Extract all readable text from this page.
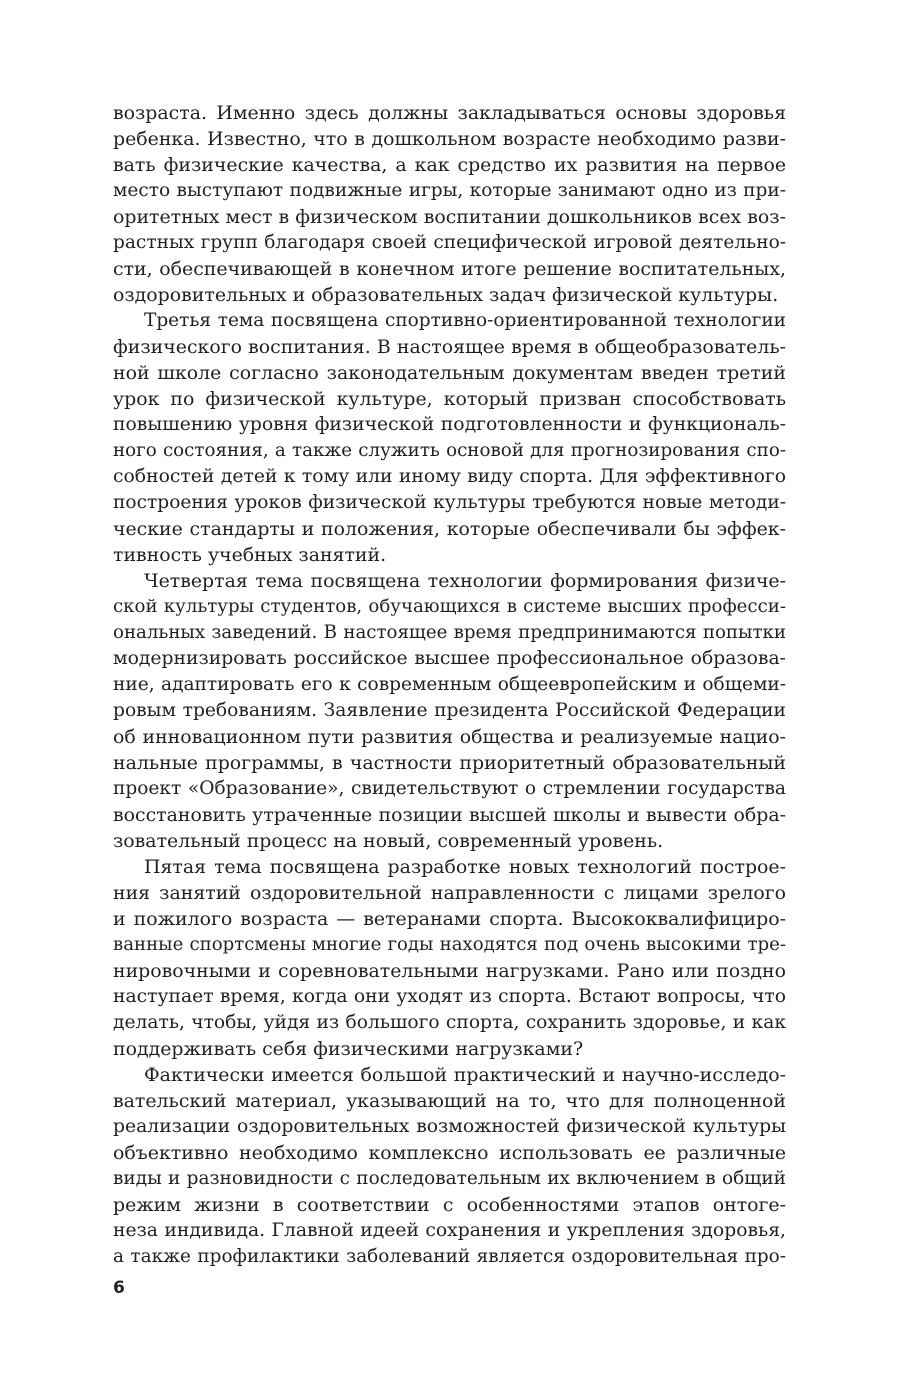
возраста. Именно здесь должны закладываться основы здоровья
ребенка. Известно, что в дошкольном возрасте необходимо разви-
вать физические качества, а как средство их развития на первое
место выступают подвижные игры, которые занимают одно из при-
оритетных мест в физическом воспитании дошкольников всех воз-
растных групп благодаря своей специфической игровой деятельно-
сти, обеспечивающей в конечном итоге решение воспитательных,
оздоровительных и образовательных задач физической культуры.
Третья тема посвящена спортивно-ориентированной технологии
физического воспитания. В настоящее время в общеобразователь-
ной школе согласно законодательным документам введен третий
урок по физической культуре, который призван способствовать
повышению уровня физической подготовленности и функциональ-
ного состояния, а также служить основой для прогнозирования спо-
собностей детей к тому или иному виду спорта. Для эффективного
построения уроков физической культуры требуются новые методи-
ческие стандарты и положения, которые обеспечивали бы эффек-
тивность учебных занятий.
Четвертая тема посвящена технологии формирования физиче-
ской культуры студентов, обучающихся в системе высших професси-
ональных заведений. В настоящее время предпринимаются попытки
модернизировать российское высшее профессиональное образова-
ние, адаптировать его к современным общеевропейским и общеми-
ровым требованиям. Заявление президента Российской Федерации
об инновационном пути развития общества и реализуемые нацио-
нальные программы, в частности приоритетный образовательный
проект «Образование», свидетельствуют о стремлении государства
восстановить утраченные позиции высшей школы и вывести обра-
зовательный процесс на новый, современный уровень.
Пятая тема посвящена разработке новых технологий построе-
ния занятий оздоровительной направленности с лицами зрелого
и пожилого возраста — ветеранами спорта. Высококвалифициро-
ванные спортсмены многие годы находятся под очень высокими тре-
нировочными и соревновательными нагрузками. Рано или поздно
наступает время, когда они уходят из спорта. Встают вопросы, что
делать, чтобы, уйдя из большого спорта, сохранить здоровье, и как
поддерживать себя физическими нагрузками?
Фактически имеется большой практический и научно-исследо-
вательский материал, указывающий на то, что для полноценной
реализации оздоровительных возможностей физической культуры
объективно необходимо комплексно использовать ее различные
виды и разновидности с последовательным их включением в общий
режим жизни в соответствии с особенностями этапов онтоге-
неза индивида. Главной идеей сохранения и укрепления здоровья,
а также профилактики заболеваний является оздоровительная про-
6
